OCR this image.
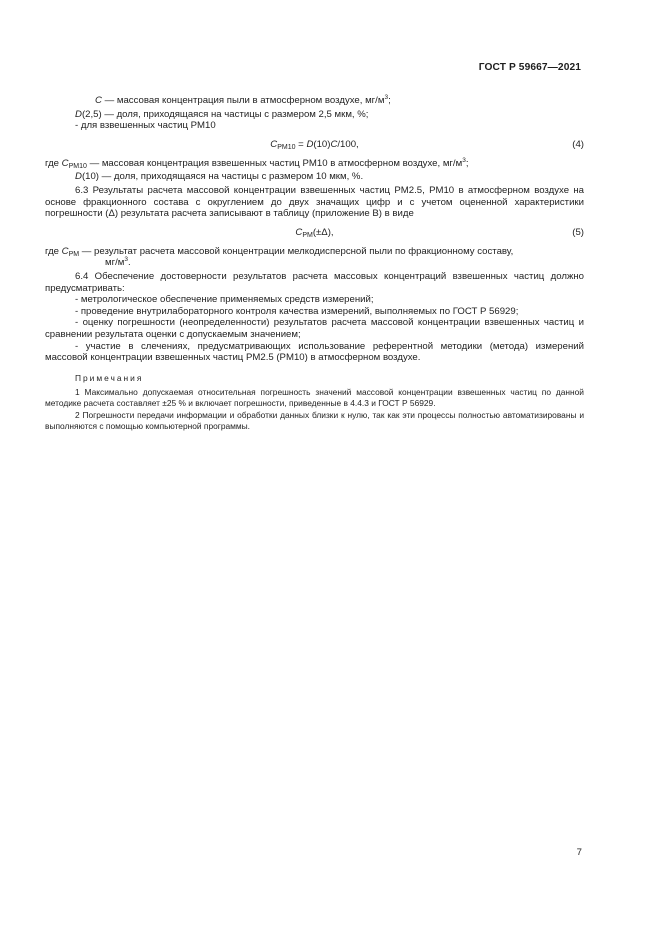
ГОСТ Р 59667—2021

C — массовая концентрация пыли в атмосферном воздухе, $мг/м^3$;

D(2,5) — доля, приходящаяся на частицы с размером 2,5 мкм, %;

- для взвешенных частиц PM10

$C_{PM10} = D(10)C/100$,	(4)

где $C_{PM10}$ — массовая концентрация взвешенных частиц PM10 в атмосферном воздухе, $мг/м^3$;

D(10) — доля, приходящаяся на частицы с размером 10 мкм, %.

6.3 Результаты расчета массовой концентрации взвешенных частиц PM2.5, PM10 в атмосферном воздухе на основе фракционного состава с округлением до двух значащих цифр и с учетом оцененной характеристики погрешности (Δ) результата расчета записывают в таблицу (приложение В) в виде

$C_{PM}(\pm\Delta)$,	(5)

где $C_{PM}$ — результат расчета массовой концентрации мелкодисперсной пыли по фракционному составу,

$мг/м^3$.

6.4 Обеспечение достоверности результатов расчета массовых концентраций взвешенных частиц должно предусматривать:

- метрологическое обеспечение применяемых средств измерений;

- проведение внутрилабораторного контроля качества измерений, выполняемых по ГОСТ Р 56929;

- оценку погрешности (неопределенности) результатов расчета массовой концентрации взвешенных частиц и сравнении результата оценки с допускаемым значением;

- участие в слечениях, предусматривающих использование референтной методики (метода) измерений массовой концентрации взвешенных частиц PM2.5 (PM10) в атмосферном воздухе.

Примечания

1 Максимально допускаемая относительная погрешность значений массовой концентрации взвешенных частиц по данной методике расчета составляет ±25 % и включает погрешности, приведенные в 4.4.3 и ГОСТ Р 56929.

2 Погрешности передачи информации и обработки данных близки к нулю, так как эти процессы полностью автоматизированы и выполняются с помощью компьютерной программы.

7
